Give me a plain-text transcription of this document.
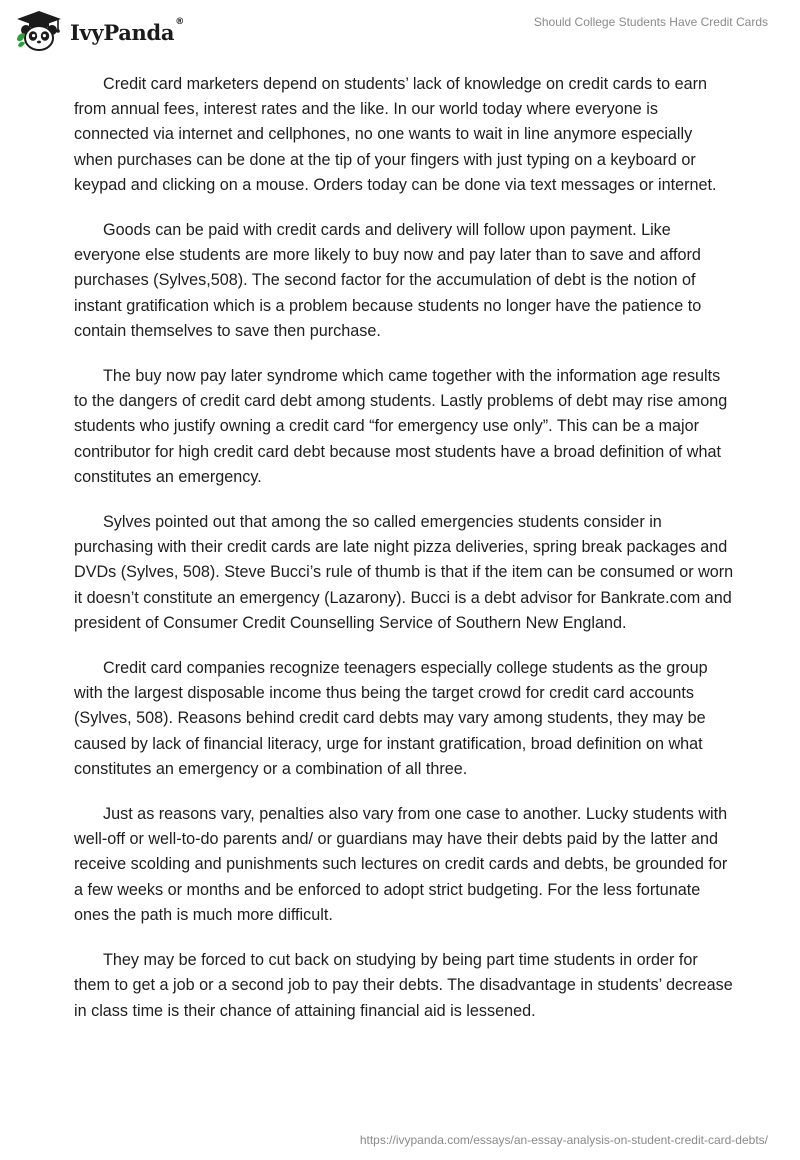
IvyPanda®	Should College Students Have Credit Cards

Credit card marketers depend on students’ lack of knowledge on credit cards to earn from annual fees, interest rates and the like. In our world today where everyone is connected via internet and cellphones, no one wants to wait in line anymore especially when purchases can be done at the tip of your fingers with just typing on a keyboard or keypad and clicking on a mouse. Orders today can be done via text messages or internet.

Goods can be paid with credit cards and delivery will follow upon payment. Like everyone else students are more likely to buy now and pay later than to save and afford purchases (Sylves,508). The second factor for the accumulation of debt is the notion of instant gratification which is a problem because students no longer have the patience to contain themselves to save then purchase.

The buy now pay later syndrome which came together with the information age results to the dangers of credit card debt among students. Lastly problems of debt may rise among students who justify owning a credit card “for emergency use only”. This can be a major contributor for high credit card debt because most students have a broad definition of what constitutes an emergency.

Sylves pointed out that among the so called emergencies students consider in purchasing with their credit cards are late night pizza deliveries, spring break packages and DVDs (Sylves, 508). Steve Bucci’s rule of thumb is that if the item can be consumed or worn it doesn’t constitute an emergency (Lazarony). Bucci is a debt advisor for Bankrate.com and president of Consumer Credit Counselling Service of Southern New England.

Credit card companies recognize teenagers especially college students as the group with the largest disposable income thus being the target crowd for credit card accounts (Sylves, 508). Reasons behind credit card debts may vary among students, they may be caused by lack of financial literacy, urge for instant gratification, broad definition on what constitutes an emergency or a combination of all three.

Just as reasons vary, penalties also vary from one case to another. Lucky students with well-off or well-to-do parents and/ or guardians may have their debts paid by the latter and receive scolding and punishments such lectures on credit cards and debts, be grounded for a few weeks or months and be enforced to adopt strict budgeting. For the less fortunate ones the path is much more difficult.

They may be forced to cut back on studying by being part time students in order for them to get a job or a second job to pay their debts. The disadvantage in students’ decrease in class time is their chance of attaining financial aid is lessened.

https://ivypanda.com/essays/an-essay-analysis-on-student-credit-card-debts/
